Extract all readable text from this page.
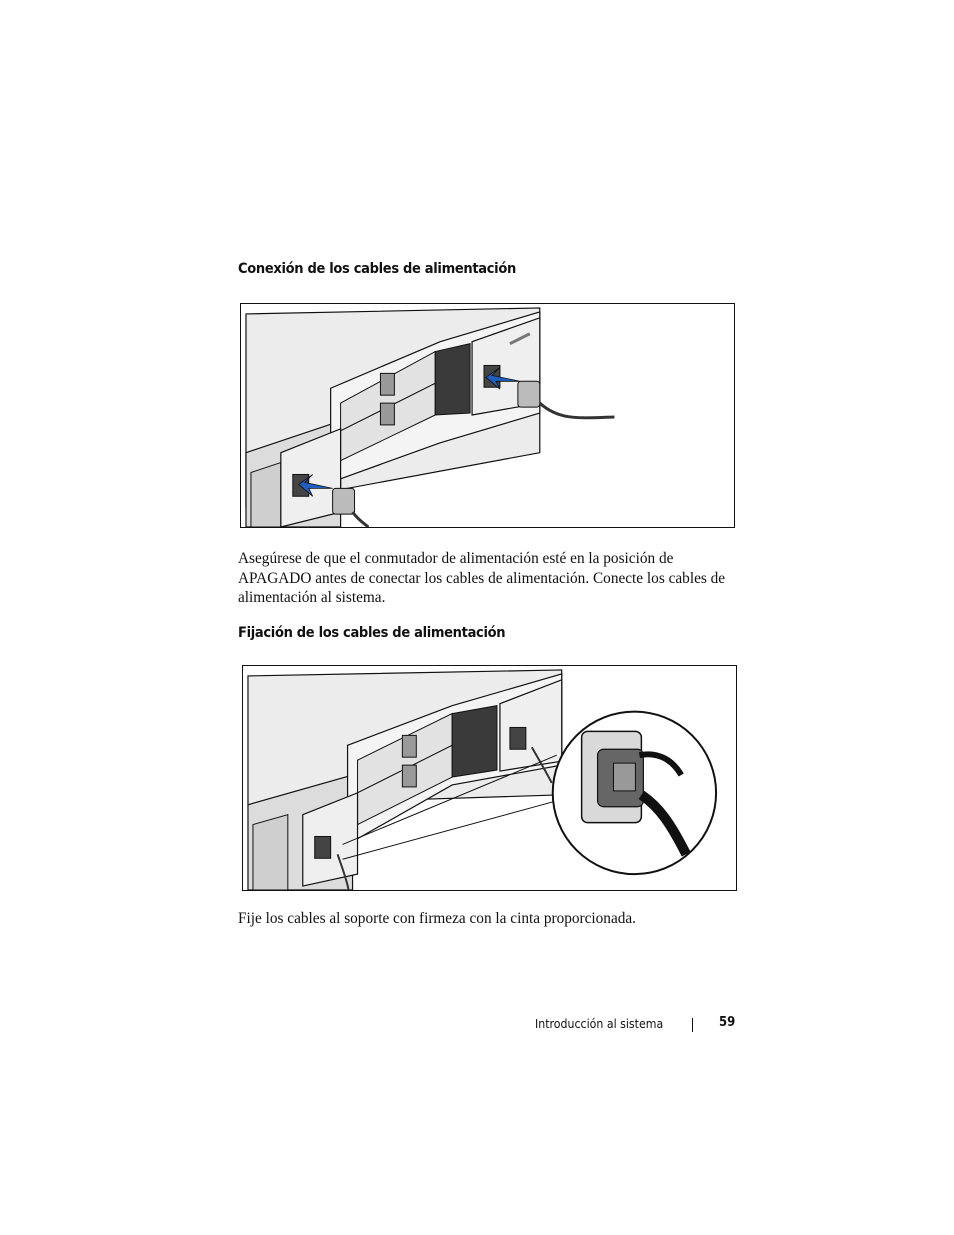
Conexión de los cables de alimentación

Asegúrese de que el conmutador de alimentación esté en la posición de APAGADO antes de conectar los cables de alimentación. Conecte los cables de alimentación al sistema.

Fijación de los cables de alimentación

Fije los cables al soporte con firmeza con la cinta proporcionada.

Introducción al sistema	59
